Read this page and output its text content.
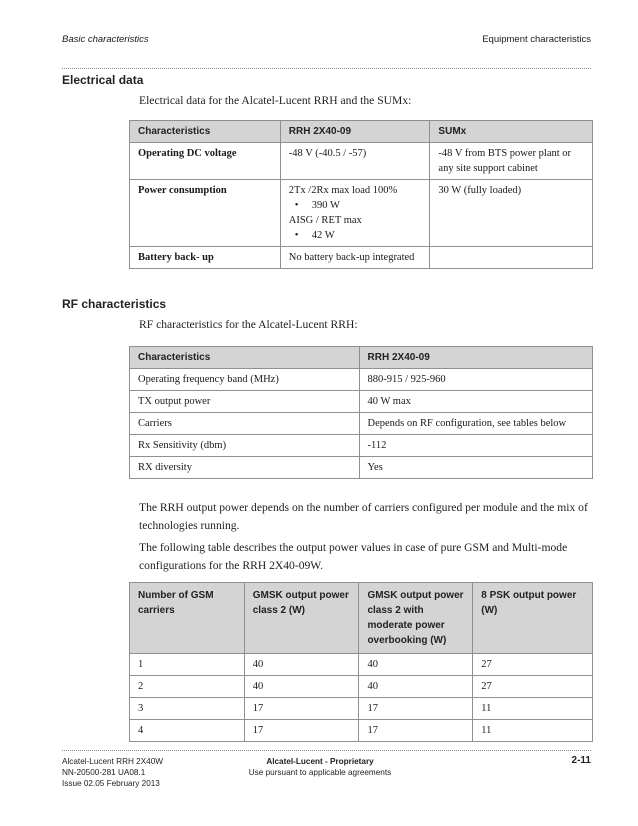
Basic characteristics	Equipment characteristics
Electrical data
Electrical data for the Alcatel-Lucent RRH and the SUMx:
Characteristics	RRH 2X40-09	SUMx
Operating DC voltage	-48 V (-40.5 / -57)	-48 V from BTS power plant or any site support cabinet
Power consumption	2Tx /2Rx max load 100%
• 390 W
AISG / RET max
• 42 W	30 W (fully loaded)
Battery back- up	No battery back-up integrated	
RF characteristics
RF characteristics for the Alcatel-Lucent RRH:
Characteristics	RRH 2X40-09
Operating frequency band (MHz)	880-915 / 925-960
TX output power	40 W max
Carriers	Depends on RF configuration, see tables below
Rx Sensitivity (dbm)	-112
RX diversity	Yes
The RRH output power depends on the number of carriers configured per module and the mix of technologies running.
The following table describes the output power values in case of pure GSM and Multi-mode configurations for the RRH 2X40-09W.
Number of GSM carriers	GMSK output power class 2 (W)	GMSK output power class 2 with moderate power overbooking (W)	8 PSK output power (W)
1	40	40	27
2	40	40	27
3	17	17	11
4	17	17	11
Alcatel-Lucent RRH 2X40W
NN-20500-281 UA08.1
Issue 02.05 February 2013
Alcatel-Lucent - Proprietary
Use pursuant to applicable agreements
2-11
